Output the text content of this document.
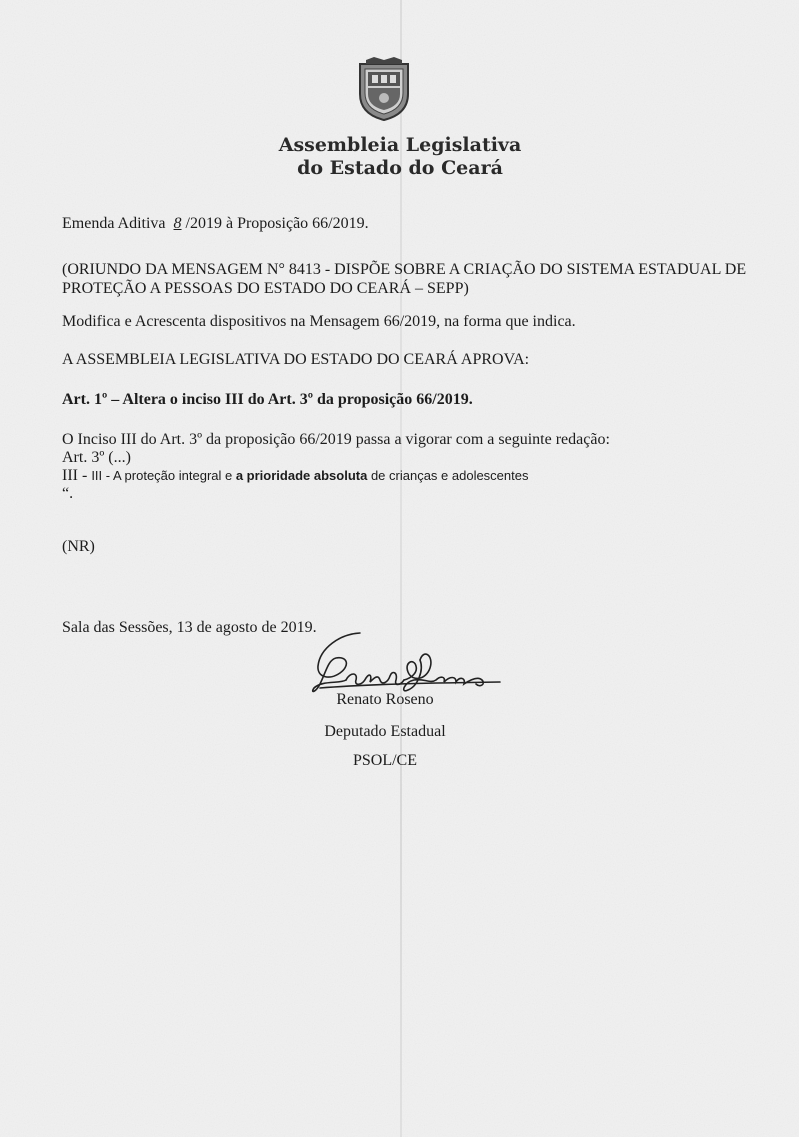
Assembleia Legislativa
do Estado do Ceará
Emenda Aditiva 8 /2019 à Proposição 66/2019.
(ORIUNDO DA MENSAGEM N° 8413 - DISPÕE SOBRE A CRIAÇÃO DO SISTEMA ESTADUAL DE
PROTEÇÃO A PESSOAS DO ESTADO DO CEARÁ – SEPP)
Modifica e Acrescenta dispositivos na Mensagem 66/2019, na forma que indica.
A ASSEMBLEIA LEGISLATIVA DO ESTADO DO CEARÁ APROVA:
Art. 1º – Altera o inciso III do Art. 3º da proposição 66/2019.
O Inciso III do Art. 3º da proposição 66/2019 passa a vigorar com a seguinte redação:
Art. 3º (...)
III - III - A proteção integral e a prioridade absoluta de crianças e adolescentes
“.
(NR)
Sala das Sessões, 13 de agosto de 2019.
Renato Roseno
Deputado Estadual
PSOL/CE
